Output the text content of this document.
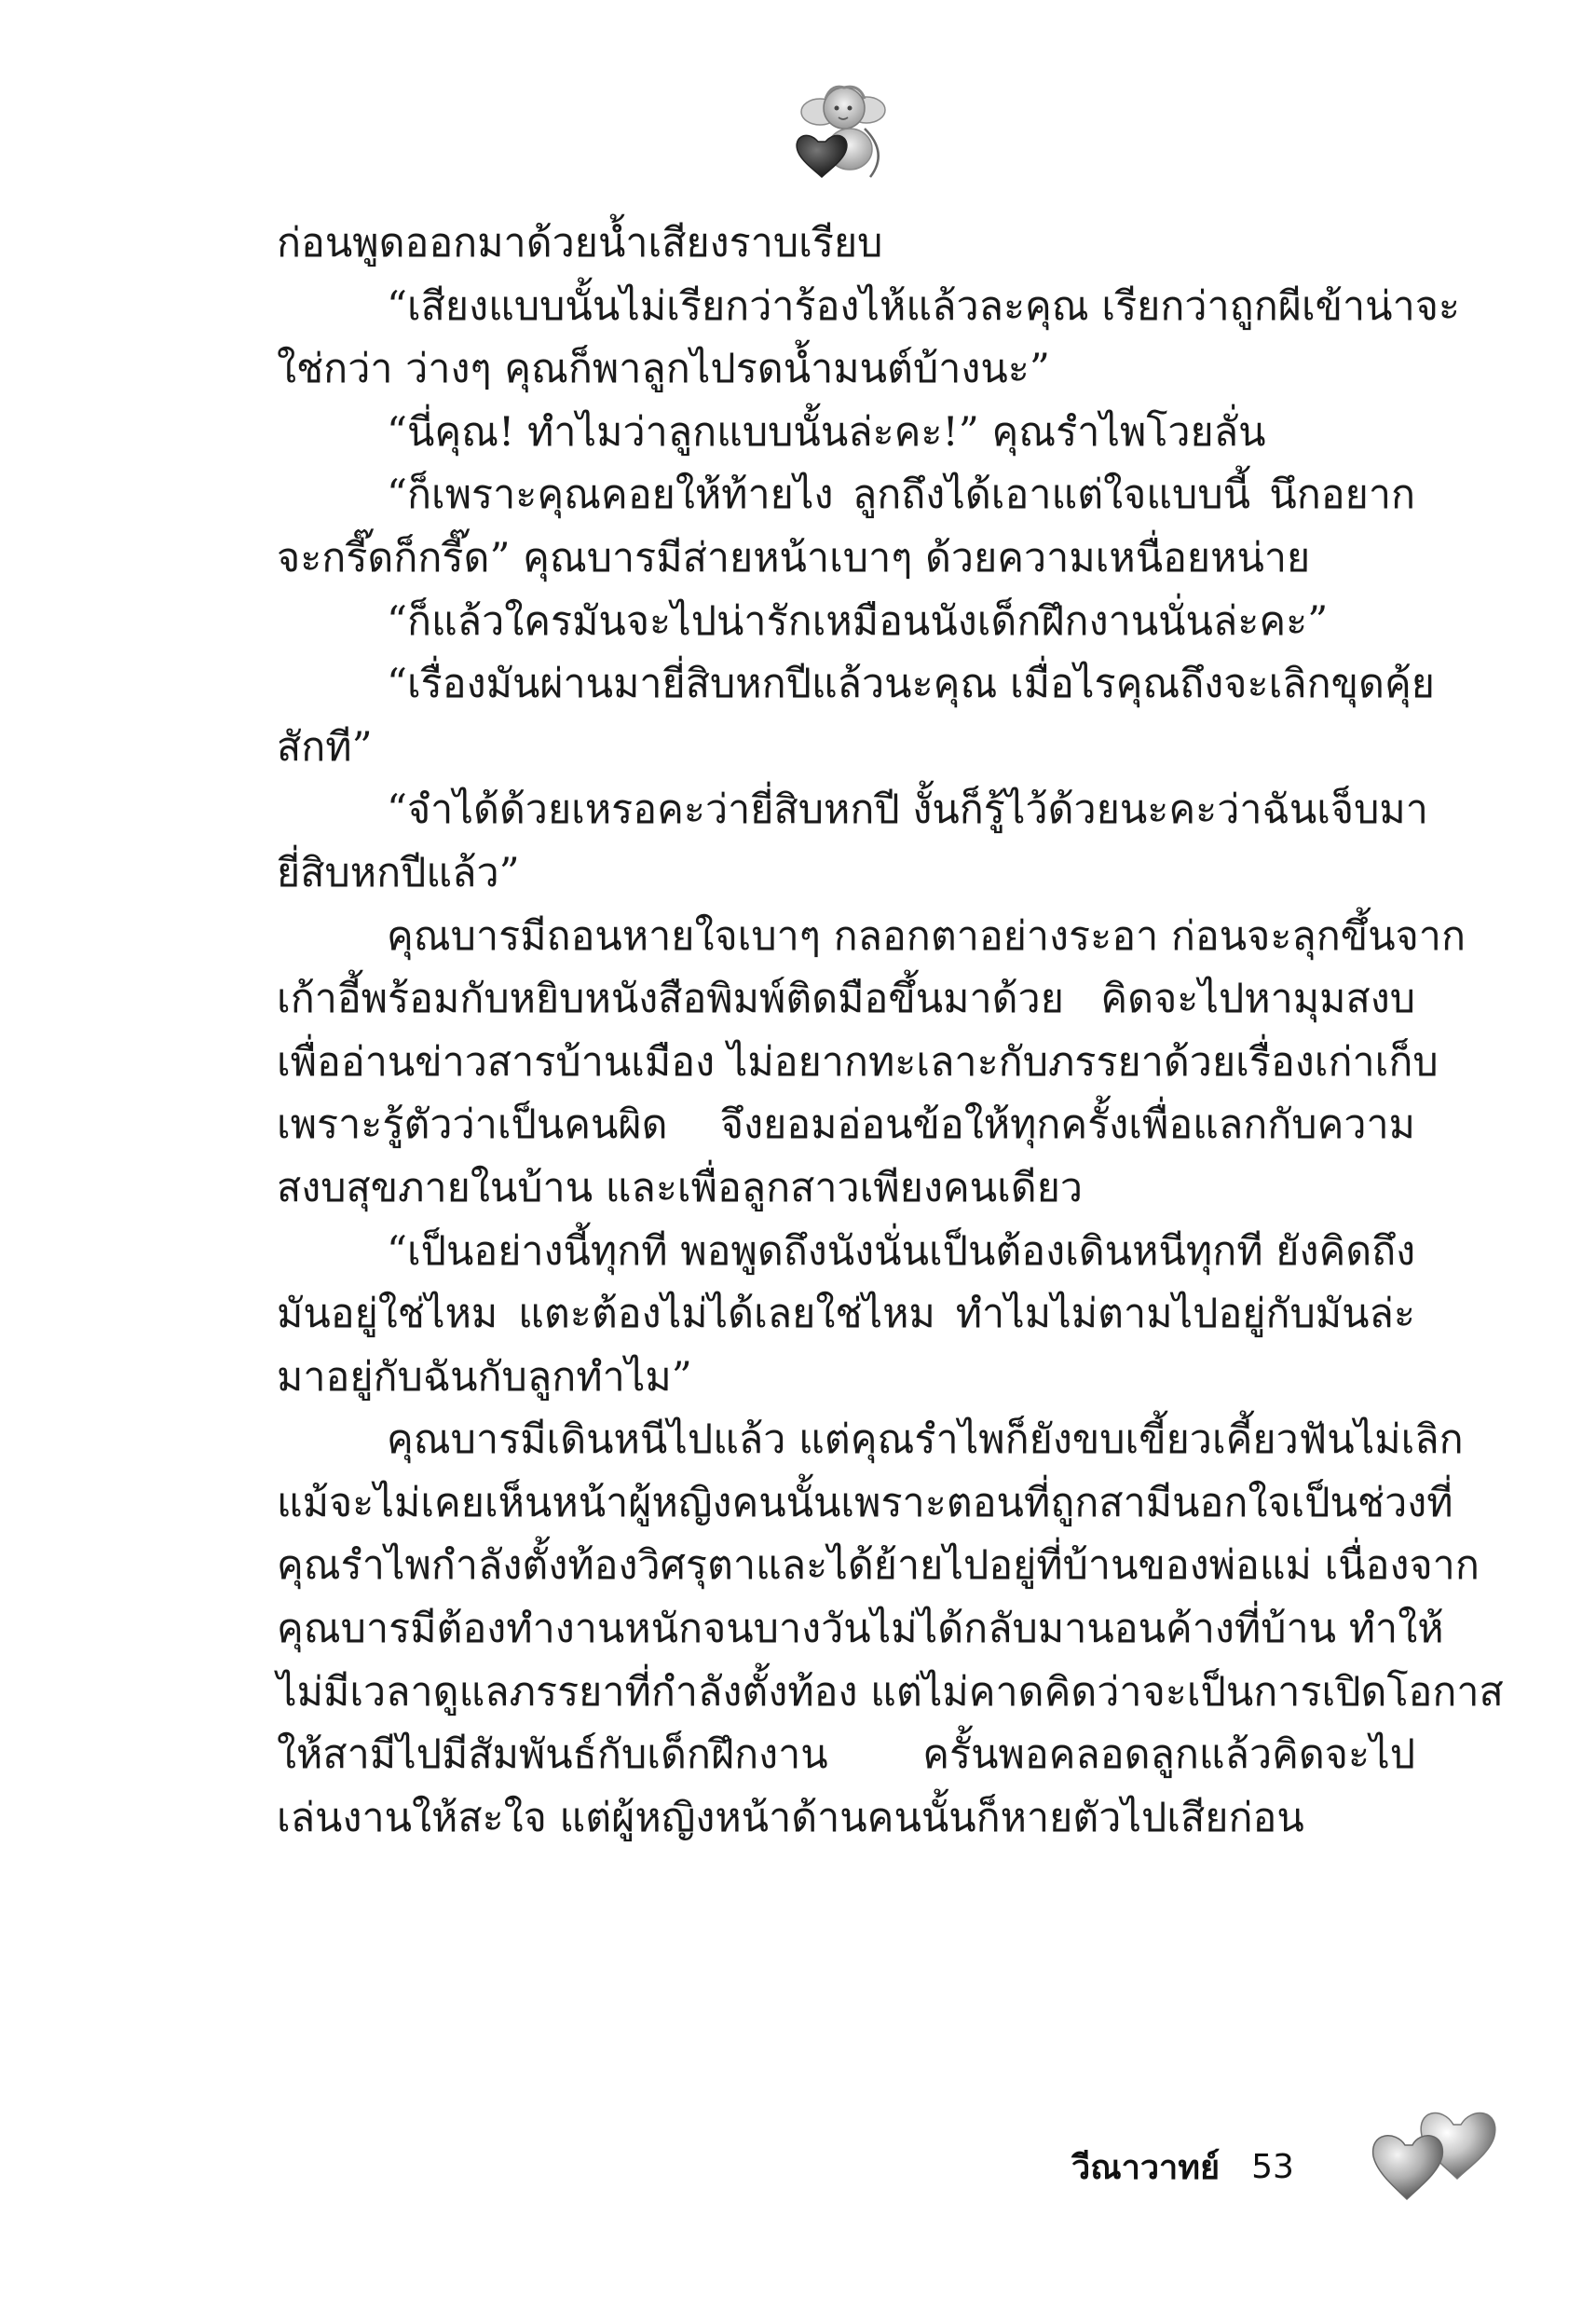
ก่อนพูดออกมาด้วยน้ำเสียงราบเรียบ
“เสียงแบบนั้นไม่เรียกว่าร้องไห้แล้วละคุณ เรียกว่าถูกผีเข้าน่าจะ
ใช่กว่า ว่างๆ คุณก็พาลูกไปรดน้ำมนต์บ้างนะ”
“นี่คุณ! ทำไมว่าลูกแบบนั้นล่ะคะ!” คุณรำไพโวยลั่น
“ก็เพราะคุณคอยให้ท้ายไง ลูกถึงได้เอาแต่ใจแบบนี้ นึกอยาก
จะกรี๊ดก็กรี๊ด” คุณบารมีส่ายหน้าเบาๆ ด้วยความเหนื่อยหน่าย
“ก็แล้วใครมันจะไปน่ารักเหมือนนังเด็กฝึกงานนั่นล่ะคะ”
“เรื่องมันผ่านมายี่สิบหกปีแล้วนะคุณ เมื่อไรคุณถึงจะเลิกขุดคุ้ย
สักที”
“จำได้ด้วยเหรอคะว่ายี่สิบหกปี งั้นก็รู้ไว้ด้วยนะคะว่าฉันเจ็บมา
ยี่สิบหกปีแล้ว”
คุณบารมีถอนหายใจเบาๆ กลอกตาอย่างระอา ก่อนจะลุกขึ้นจาก
เก้าอี้พร้อมกับหยิบหนังสือพิมพ์ติดมือขึ้นมาด้วย คิดจะไปหามุมสงบ
เพื่ออ่านข่าวสารบ้านเมือง ไม่อยากทะเลาะกับภรรยาด้วยเรื่องเก่าเก็บ
เพราะรู้ตัวว่าเป็นคนผิด จึงยอมอ่อนข้อให้ทุกครั้งเพื่อแลกกับความ
สงบสุขภายในบ้าน และเพื่อลูกสาวเพียงคนเดียว
“เป็นอย่างนี้ทุกที พอพูดถึงนังนั่นเป็นต้องเดินหนีทุกที ยังคิดถึง
มันอยู่ใช่ไหม แตะต้องไม่ได้เลยใช่ไหม ทำไมไม่ตามไปอยู่กับมันล่ะ
มาอยู่กับฉันกับลูกทำไม”
คุณบารมีเดินหนีไปแล้ว แต่คุณรำไพก็ยังขบเขี้ยวเคี้ยวฟันไม่เลิก
แม้จะไม่เคยเห็นหน้าผู้หญิงคนนั้นเพราะตอนที่ถูกสามีนอกใจเป็นช่วงที่
คุณรำไพกำลังตั้งท้องวิศรุตาและได้ย้ายไปอยู่ที่บ้านของพ่อแม่ เนื่องจาก
คุณบารมีต้องทำงานหนักจนบางวันไม่ได้กลับมานอนค้างที่บ้าน ทำให้
ไม่มีเวลาดูแลภรรยาที่กำลังตั้งท้อง แต่ไม่คาดคิดว่าจะเป็นการเปิดโอกาส
ให้สามีไปมีสัมพันธ์กับเด็กฝึกงาน ครั้นพอคลอดลูกแล้วคิดจะไป
เล่นงานให้สะใจ แต่ผู้หญิงหน้าด้านคนนั้นก็หายตัวไปเสียก่อน
วีณาวาทย์ 53
